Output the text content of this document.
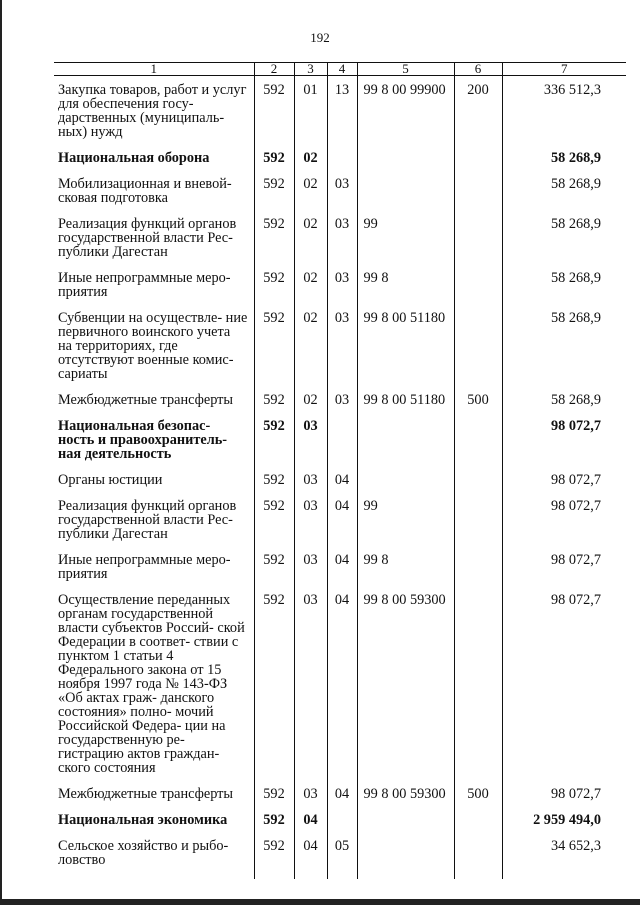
192
1	2	3	4	5	6	7
Закупка товаров, работ и услуг для обеспечения госу- дарственных (муниципаль- ных) нужд	592	01	13	99 8 00 99900	200	336 512,3
Национальная оборона	592	02				58 268,9
Мобилизационная и вневой- сковая подготовка	592	02	03			58 268,9
Реализация функций органов государственной власти Рес- публики Дагестан	592	02	03	99		58 268,9
Иные непрограммные меро- приятия	592	02	03	99 8		58 268,9
Субвенции на осуществле- ние первичного воинского учета на территориях, где отсутствуют военные комис- сариаты	592	02	03	99 8 00 51180		58 268,9
Межбюджетные трансферты	592	02	03	99 8 00 51180	500	58 268,9
Национальная безопас- ность и правоохранитель- ная деятельность	592	03				98 072,7
Органы юстиции	592	03	04			98 072,7
Реализация функций органов государственной власти Рес- публики Дагестан	592	03	04	99		98 072,7
Иные непрограммные меро- приятия	592	03	04	99 8		98 072,7
Осуществление переданных органам государственной власти субъектов Россий- ской Федерации в соответ- ствии с пунктом 1 статьи 4 Федерального закона от 15 ноября 1997 года № 143-ФЗ «Об актах граж- данского состояния» полно- мочий Российской Федера- ции на государственную ре- гистрацию актов граждан- ского состояния	592	03	04	99 8 00 59300		98 072,7
Межбюджетные трансферты	592	03	04	99 8 00 59300	500	98 072,7
Национальная экономика	592	04				2 959 494,0
Сельское хозяйство и рыбо- ловство	592	04	05			34 652,3
